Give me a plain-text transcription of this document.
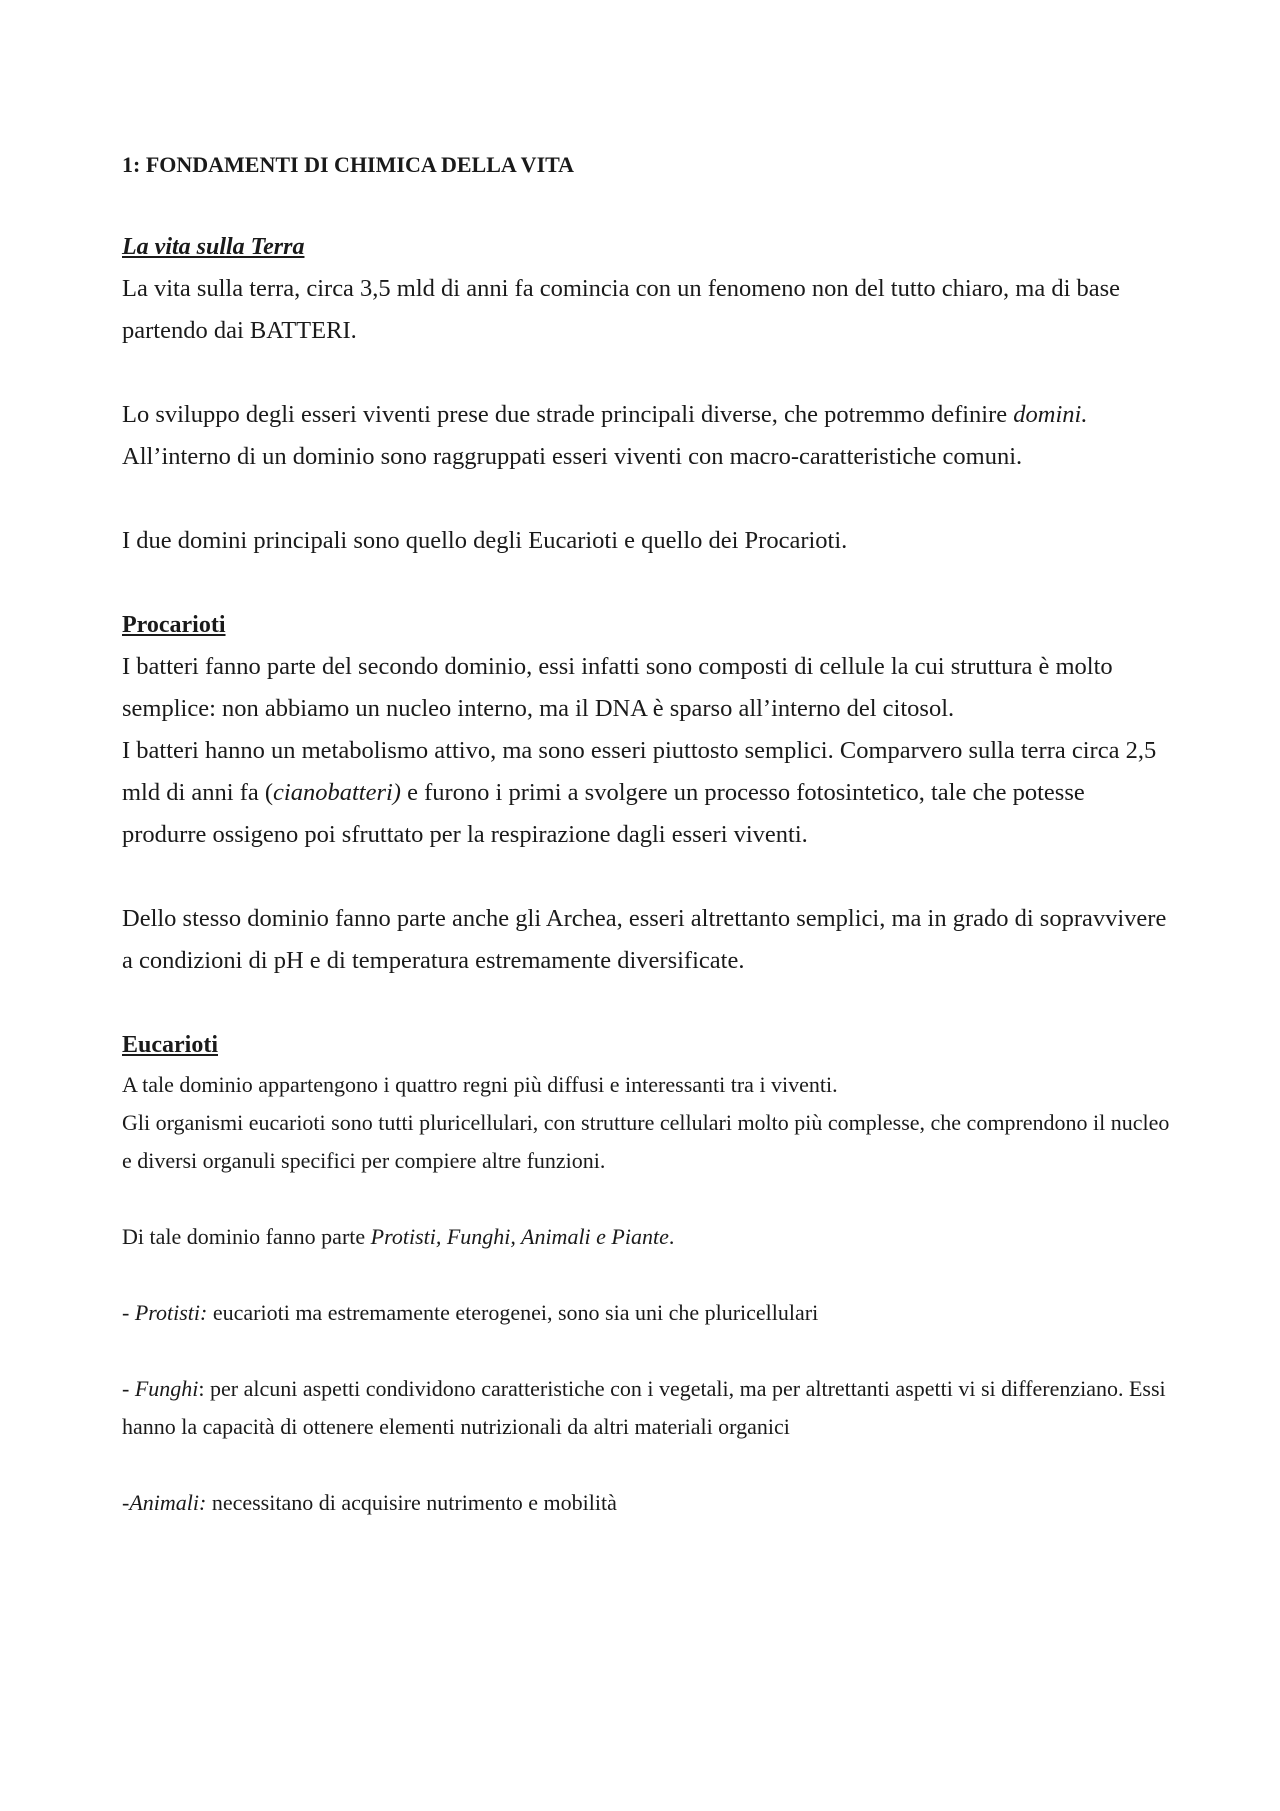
1: FONDAMENTI DI CHIMICA DELLA VITA
La vita sulla Terra

La vita sulla terra, circa 3,5 mld di anni fa comincia con un fenomeno non del tutto chiaro, ma di base partendo dai BATTERI.

Lo sviluppo degli esseri viventi prese due strade principali diverse, che potremmo definire domini. All’interno di un dominio sono raggruppati esseri viventi con macro-caratteristiche comuni.

I due domini principali sono quello degli Eucarioti e quello dei Procarioti.

Procarioti

I batteri fanno parte del secondo dominio, essi infatti sono composti di cellule la cui struttura è molto semplice: non abbiamo un nucleo interno, ma il DNA è sparso all’interno del citosol.

I batteri hanno un metabolismo attivo, ma sono esseri piuttosto semplici. Comparvero sulla terra circa 2,5 mld di anni fa (cianobatteri) e furono i primi a svolgere un processo fotosintetico, tale che potesse produrre ossigeno poi sfruttato per la respirazione dagli esseri viventi.

Dello stesso dominio fanno parte anche gli Archea, esseri altrettanto semplici, ma in grado di sopravvivere a condizioni di pH e di temperatura estremamente diversificate.

Eucarioti

A tale dominio appartengono i quattro regni più diffusi e interessanti tra i viventi.

Gli organismi eucarioti sono tutti pluricellulari, con strutture cellulari molto più complesse, che comprendono il nucleo e diversi organuli specifici per compiere altre funzioni.

Di tale dominio fanno parte Protisti, Funghi, Animali e Piante.

- Protisti: eucarioti ma estremamente eterogenei, sono sia uni che pluricellulari

- Funghi: per alcuni aspetti condividono caratteristiche con i vegetali, ma per altrettanti aspetti vi si differenziano. Essi hanno la capacità di ottenere elementi nutrizionali da altri materiali organici

-Animali: necessitano di acquisire nutrimento e mobilità
